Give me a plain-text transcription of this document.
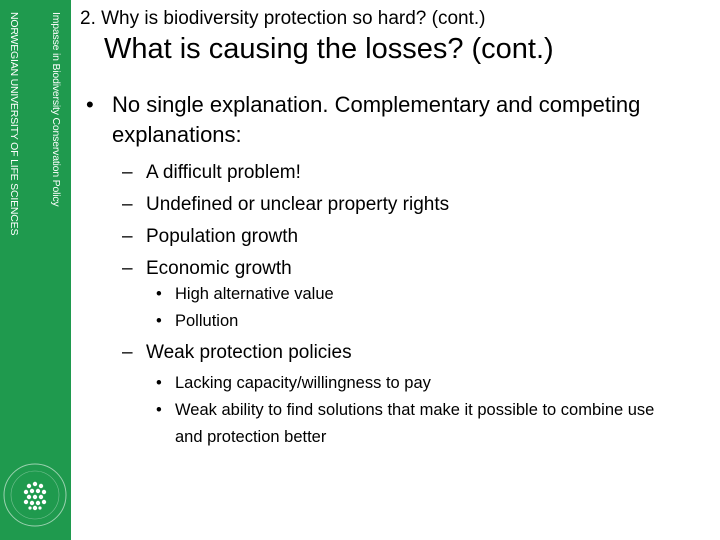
Impasse in Biodiversity Conservation Policy
NORWEGIAN UNIVERSITY OF LIFE SCIENCES	2. Why is biodiversity protection so hard? (cont.)
What is causing the losses? (cont.)
• No single explanation. Complementary and competing explanations:
– A difficult problem!
– Undefined or unclear property rights
– Population growth
– Economic growth
• High alternative value
• Pollution
– Weak protection policies
• Lacking capacity/willingness to pay
• Weak ability to find solutions that make it possible to combine use and protection better
